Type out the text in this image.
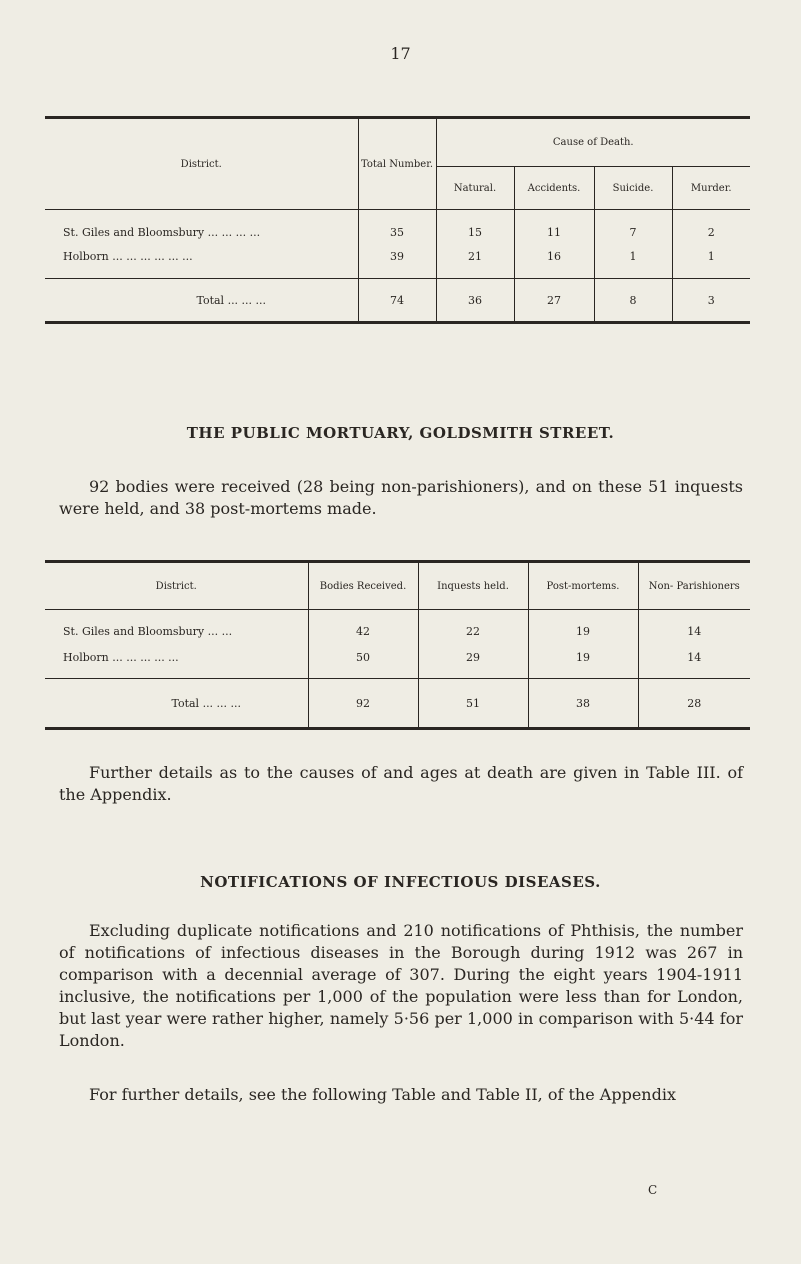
17
District.	Total Number.	Cause of Death.			
		Natural.	Accidents.	Suicide.	Murder.

St. Giles and Bloomsbury ... ... ... ...	35	15	11	7	2
Holborn ... ... ... ... ... ...	39	21	16	1	1

Total ... ... ...	74	36	27	8	3
THE PUBLIC MORTUARY, GOLDSMITH STREET.

92 bodies were received (28 being non-parishioners), and on these 51 inquests were held, and 38 post-mortems made.

District.	Bodies Received.	Inquests held.	Post-mortems.	Non- Parishioners

St. Giles and Bloomsbury ... ...	42	22	19	14
Holborn ... ... ... ... ...	50	29	19	14

Total ... ... ...	92	51	38	28

Further details as to the causes of and ages at death are given in Table III. of the Appendix.

NOTIFICATIONS OF INFECTIOUS DISEASES.

Excluding duplicate notifications and 210 notifications of Phthisis, the number of notifications of infectious diseases in the Borough during 1912 was 267 in comparison with a decennial average of 307. During the eight years 1904-1911 inclusive, the notifications per 1,000 of the population were less than for London, but last year were rather higher, namely 5·56 per 1,000 in comparison with 5·44 for London.

For further details, see the following Table and Table II, of the Appendix

C
